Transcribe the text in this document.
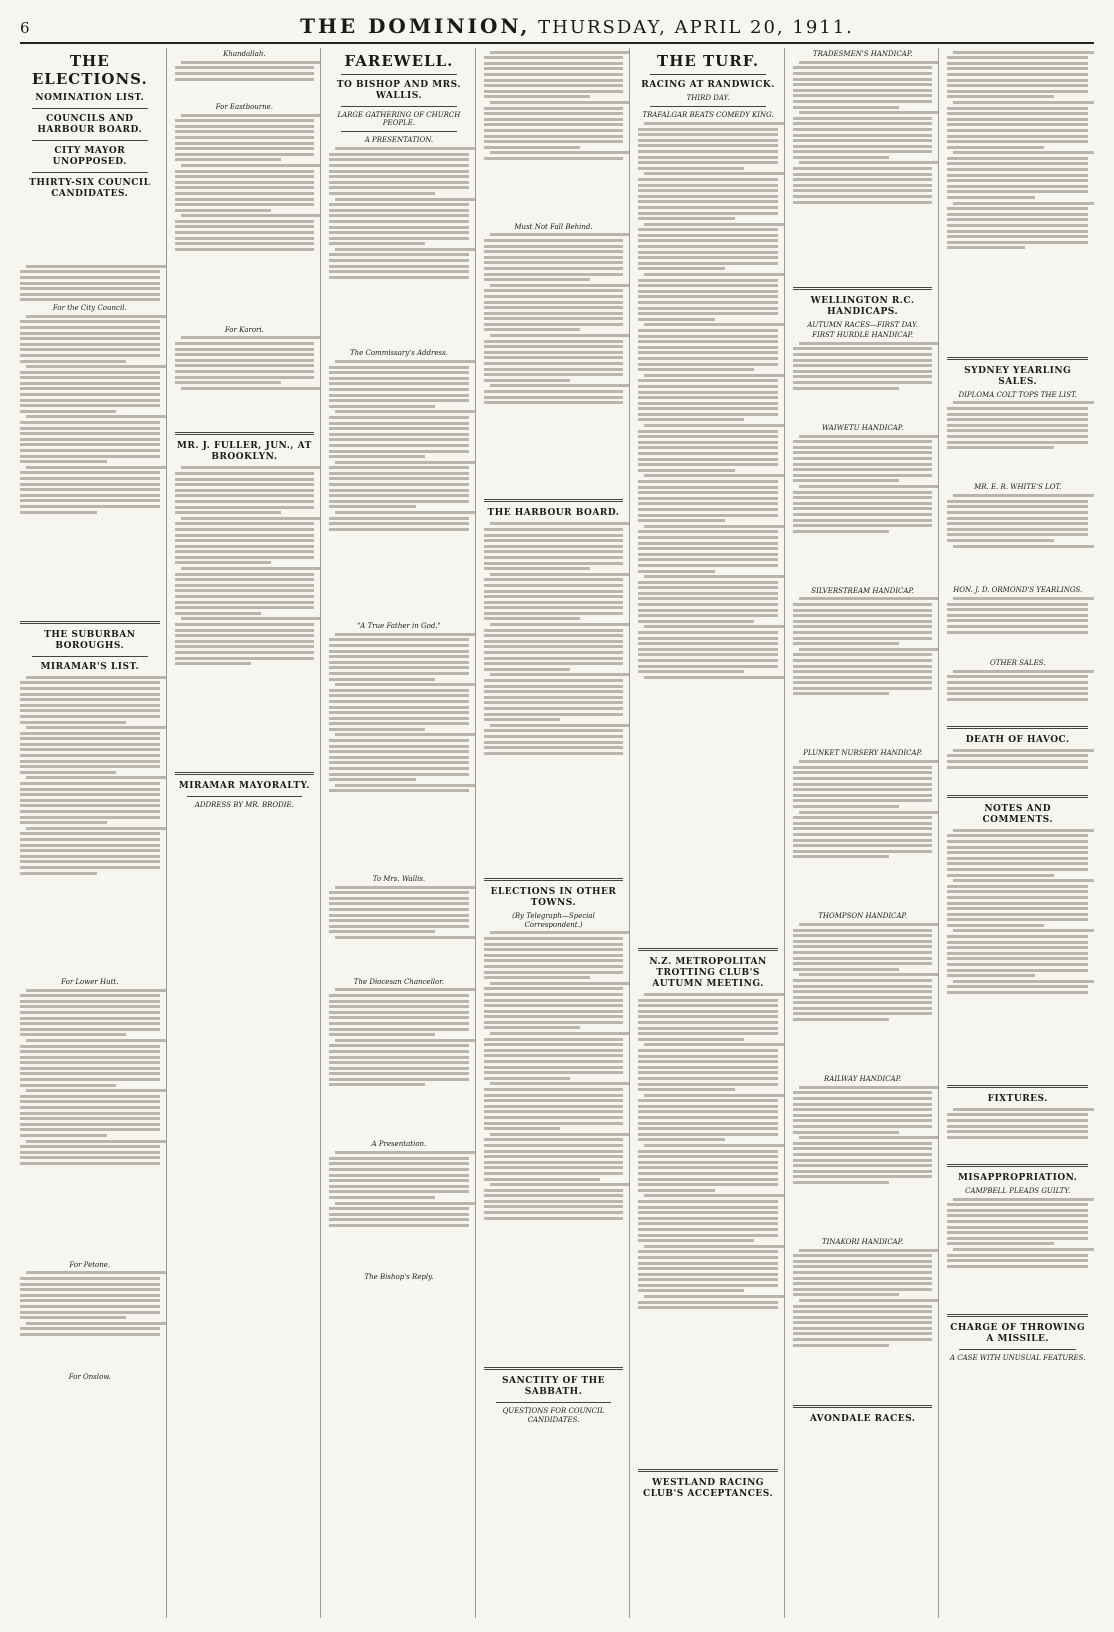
6	THE DOMINION, THURSDAY, APRIL 20, 1911.
THE ELECTIONS.
NOMINATION LIST.
COUNCILS AND HARBOUR BOARD.
CITY MAYOR UNOPPOSED.
THIRTY-SIX COUNCIL CANDIDATES.

For the City Council.
THE SUBURBAN BOROUGHS.
MIRAMAR'S LIST.
For Lower Hutt.
For Petone.
For Onslow.
Khandallah.
For Eastbourne.
For Karori.
MR. J. FULLER, JUN., AT BROOKLYN.
MIRAMAR MAYORALTY.
ADDRESS BY MR. BRODIE.
FAREWELL.
TO BISHOP AND MRS. WALLIS.
LARGE GATHERING OF CHURCH PEOPLE.
A PRESENTATION.
The Commissary's Address.
"A True Father in God."
To Mrs. Wallis.
The Diocesan Chancellor.
A Presentation.
The Bishop's Reply.
Must Not Fall Behind.
THE HARBOUR BOARD.
ELECTIONS IN OTHER TOWNS.
(By Telegraph—Special Correspondent.)
SANCTITY OF THE SABBATH.
QUESTIONS FOR COUNCIL CANDIDATES.
THE TURF.
RACING AT RANDWICK.
THIRD DAY.
TRAFALGAR BEATS COMEDY KING.
N.Z. METROPOLITAN TROTTING CLUB'S AUTUMN MEETING.
WESTLAND RACING CLUB'S ACCEPTANCES.
TRADESMEN'S HANDICAP.
WELLINGTON R.C. HANDICAPS.
AUTUMN RACES—FIRST DAY.
FIRST HURDLE HANDICAP.
WAIWETU HANDICAP.
SILVERSTREAM HANDICAP.
PLUNKET NURSERY HANDICAP.
THOMPSON HANDICAP.
RAILWAY HANDICAP.
TINAKORI HANDICAP.
AVONDALE RACES.
SYDNEY YEARLING SALES.
DIPLOMA COLT TOPS THE LIST.
MR. E. R. WHITE'S LOT.
HON. J. D. ORMOND'S YEARLINGS.
OTHER SALES.
DEATH OF HAVOC.
NOTES AND COMMENTS.
FIXTURES.
MISAPPROPRIATION.
CAMPBELL PLEADS GUILTY.
CHARGE OF THROWING A MISSILE.
A CASE WITH UNUSUAL FEATURES.
